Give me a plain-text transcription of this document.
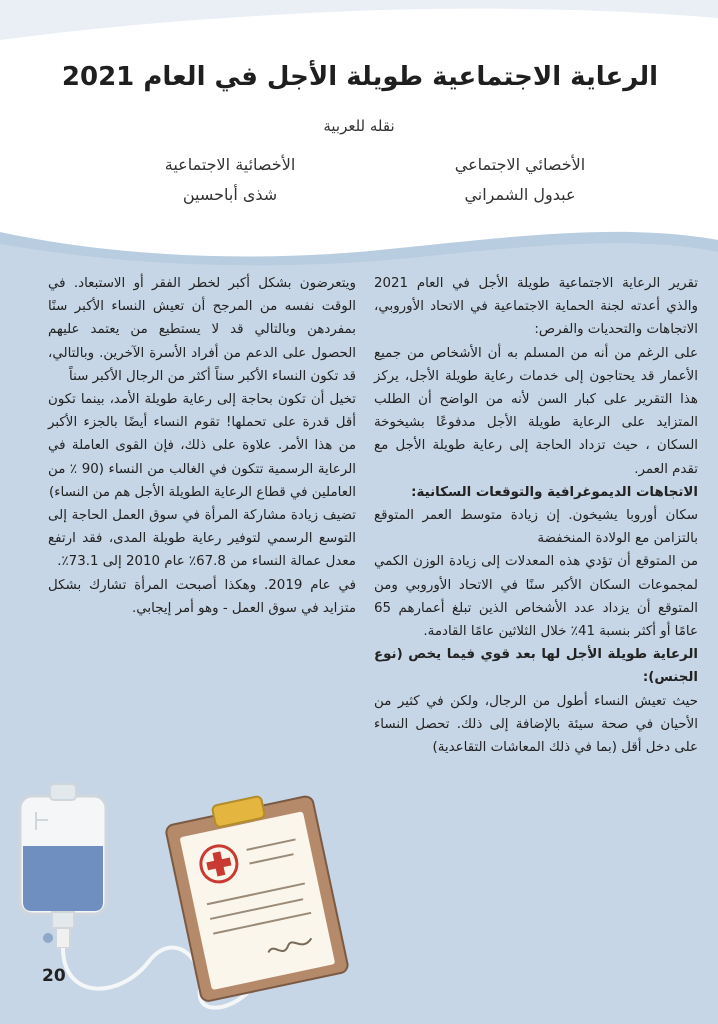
الرعاية الاجتماعية طويلة الأجل في العام 2021
نقله للعربية
الأخصائي الاجتماعي
عبدول الشمراني
الأخصائية الاجتماعية
شذى أباحسين

تقرير الرعاية الاجتماعية طويلة الأجل في العام 2021 والذي أعدته لجنة الحماية الاجتماعية في الاتحاد الأوروبي، الاتجاهات والتحديات والفرص:

على الرغم من أنه من المسلم به أن الأشخاص من جميع الأعمار قد يحتاجون إلى خدمات رعاية طويلة الأجل، يركز هذا التقرير على كبار السن لأنه من الواضح أن الطلب المتزايد على الرعاية طويلة الأجل مدفوعًا بشيخوخة السكان ، حيث تزداد الحاجة إلى رعاية طويلة الأجل مع تقدم العمر.

الاتجاهات الديموغرافية والتوقعات السكانية:

سكان أوروبا يشيخون. إن زيادة متوسط العمر المتوقع بالتزامن مع الولادة المنخفضة

من المتوقع أن تؤدي هذه المعدلات إلى زيادة الوزن الكمي لمجموعات السكان الأكبر سنًا في الاتحاد الأوروبي ومن المتوقع أن يزداد عدد الأشخاص الذين تبلغ أعمارهم 65 عامًا أو أكثر بنسبة 41٪ خلال الثلاثين عامًا القادمة.

الرعاية طويلة الأجل لها بعد قوي فيما يخص (نوع الجنس):

حيث تعيش النساء أطول من الرجال، ولكن في كثير من الأحيان في صحة سيئة بالإضافة إلى ذلك. تحصل النساء على دخل أقل (بما في ذلك المعاشات التقاعدية)

ويتعرضون بشكل أكبر لخطر الفقر أو الاستبعاد. في الوقت نفسه من المرجح أن تعيش النساء الأكبر سنًا بمفردهن وبالتالي قد لا يستطيع من يعتمد عليهم الحصول على الدعم من أفراد الأسرة الآخرين. وبالتالي، قد تكون النساء الأكبر سناً أكثر من الرجال الأكبر سناً

تخيل أن تكون بحاجة إلى رعاية طويلة الأمد، بينما تكون أقل قدرة على تحملها! تقوم النساء أيضًا بالجزء الأكبر من هذا الأمر. علاوة على ذلك، فإن القوى العاملة في الرعاية الرسمية تتكون في الغالب من النساء (90 ٪ من العاملين في قطاع الرعاية الطويلة الأجل هم من النساء)

تضيف زيادة مشاركة المرأة في سوق العمل الحاجة إلى التوسع الرسمي لتوفير رعاية طويلة المدى، فقد ارتفع معدل عمالة النساء من 67.8٪ عام 2010 إلى 73.1٪.

في عام 2019. وهكذا أصبحت المرأة تشارك بشكل متزايد في سوق العمل - وهو أمر إيجابي.

20
